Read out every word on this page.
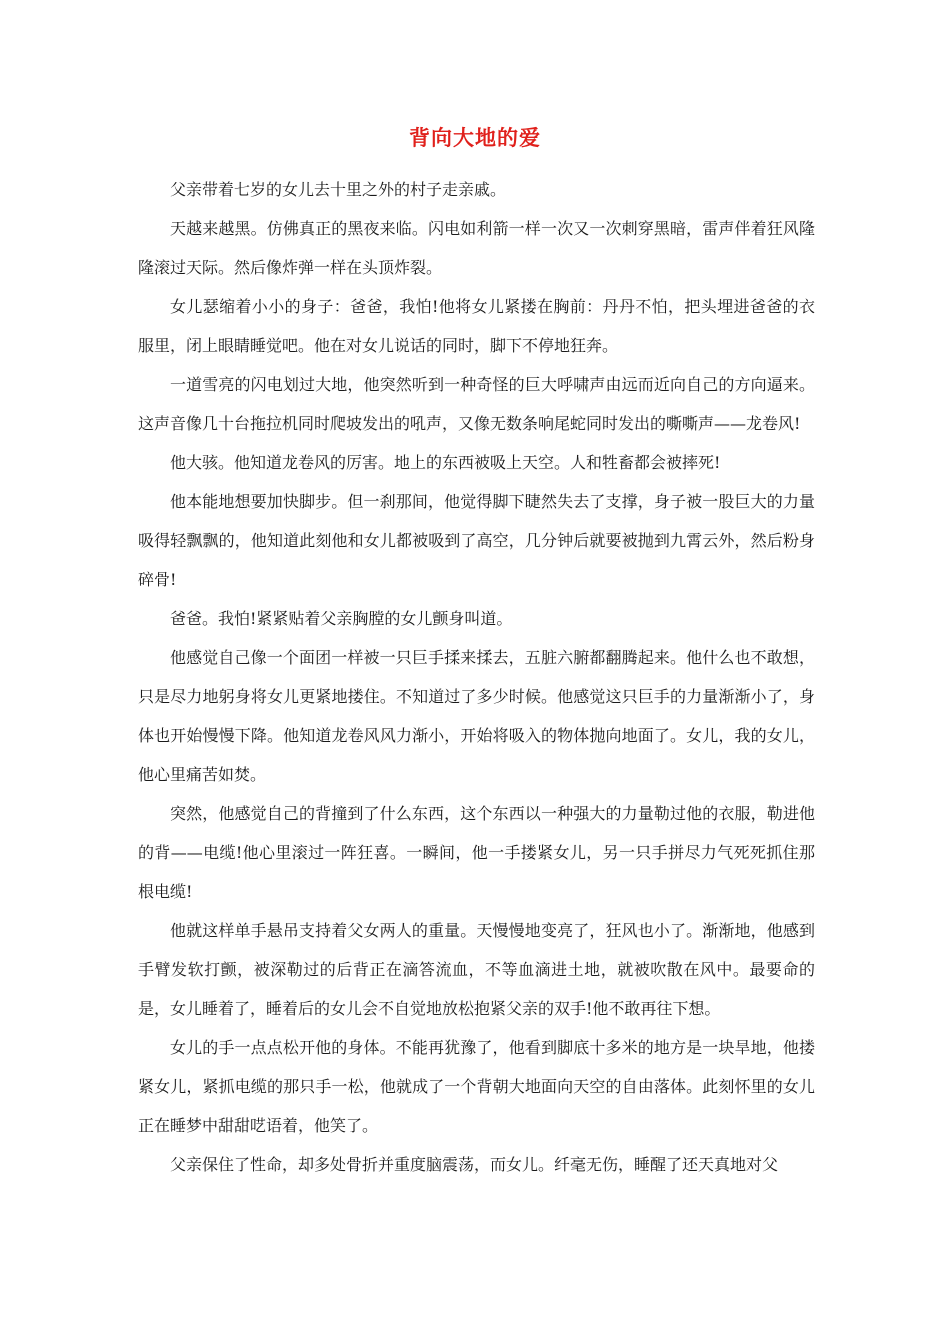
背向大地的爱

父亲带着七岁的女儿去十里之外的村子走亲戚。

天越来越黑。仿佛真正的黑夜来临。闪电如利箭一样一次又一次刺穿黑暗，雷声伴着狂风隆隆滚过天际。然后像炸弹一样在头顶炸裂。

女儿瑟缩着小小的身子：爸爸，我怕!他将女儿紧搂在胸前：丹丹不怕，把头埋进爸爸的衣服里，闭上眼睛睡觉吧。他在对女儿说话的同时，脚下不停地狂奔。

一道雪亮的闪电划过大地，他突然听到一种奇怪的巨大呼啸声由远而近向自己的方向逼来。这声音像几十台拖拉机同时爬坡发出的吼声，又像无数条响尾蛇同时发出的嘶嘶声——龙卷风!

他大骇。他知道龙卷风的厉害。地上的东西被吸上天空。人和牲畜都会被摔死!

他本能地想要加快脚步。但一刹那间，他觉得脚下睫然失去了支撑，身子被一股巨大的力量吸得轻飘飘的，他知道此刻他和女儿都被吸到了高空，几分钟后就要被抛到九霄云外，然后粉身碎骨!

爸爸。我怕!紧紧贴着父亲胸膛的女儿颤身叫道。

他感觉自己像一个面团一样被一只巨手揉来揉去，五脏六腑都翻腾起来。他什么也不敢想，只是尽力地躬身将女儿更紧地搂住。不知道过了多少时候。他感觉这只巨手的力量渐渐小了，身体也开始慢慢下降。他知道龙卷风风力渐小，开始将吸入的物体抛向地面了。女儿，我的女儿，他心里痛苦如焚。

突然，他感觉自己的背撞到了什么东西，这个东西以一种强大的力量勒过他的衣服，勒进他的背——电缆!他心里滚过一阵狂喜。一瞬间，他一手搂紧女儿，另一只手拼尽力气死死抓住那根电缆!

他就这样单手悬吊支持着父女两人的重量。天慢慢地变亮了，狂风也小了。渐渐地，他感到手臂发软打颤，被深勒过的后背正在滴答流血，不等血滴进土地，就被吹散在风中。最要命的是，女儿睡着了，睡着后的女儿会不自觉地放松抱紧父亲的双手!他不敢再往下想。

女儿的手一点点松开他的身体。不能再犹豫了，他看到脚底十多米的地方是一块旱地，他搂紧女儿，紧抓电缆的那只手一松，他就成了一个背朝大地面向天空的自由落体。此刻怀里的女儿正在睡梦中甜甜呓语着，他笑了。

父亲保住了性命，却多处骨折并重度脑震荡，而女儿。纤毫无伤，睡醒了还天真地对父
